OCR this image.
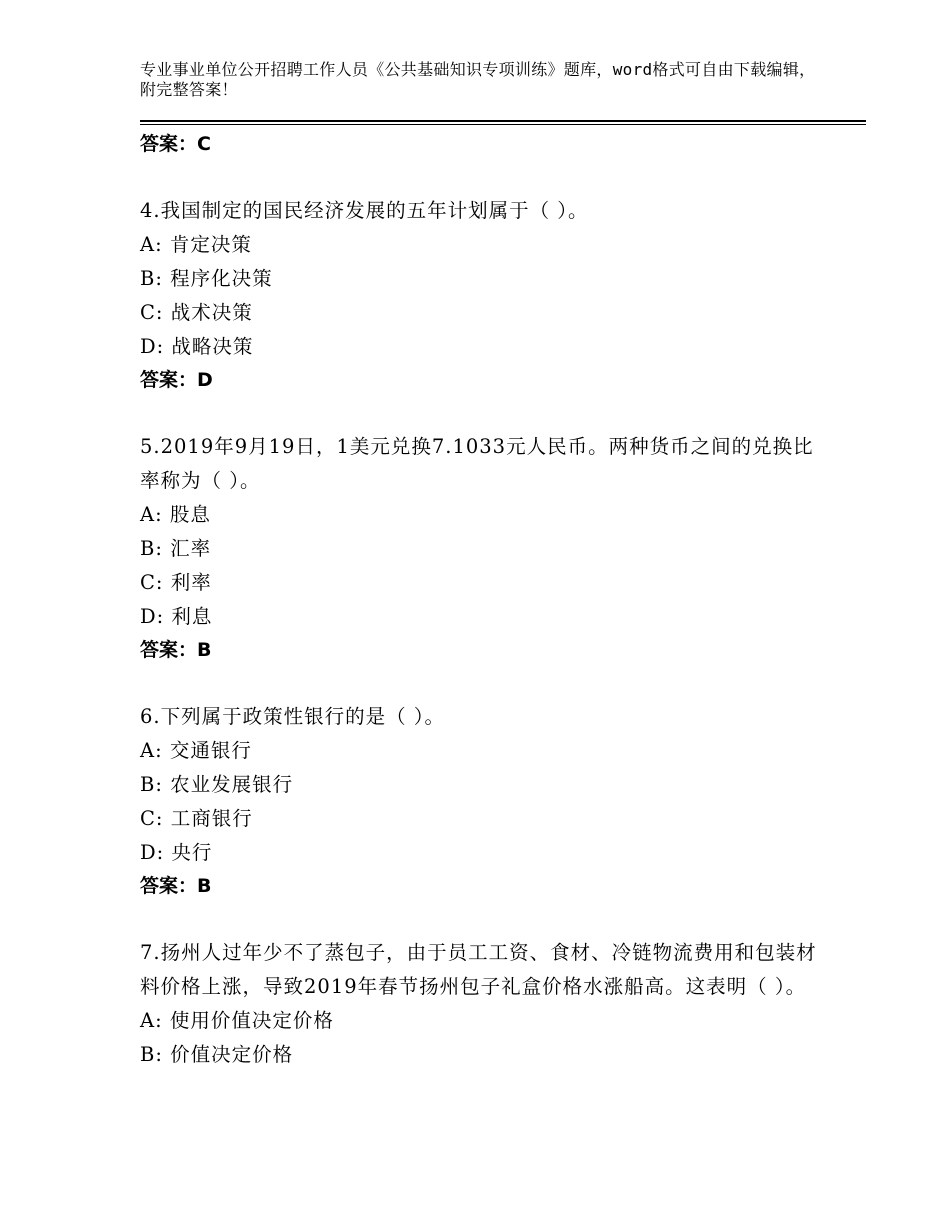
专业事业单位公开招聘工作人员《公共基础知识专项训练》题库，word格式可自由下载编辑，附完整答案！

答案：C

4.我国制定的国民经济发展的五年计划属于（ ）。
A: 肯定决策
B: 程序化决策
C: 战术决策
D: 战略决策

答案：D

5.2019年9月19日，1美元兑换7.1033元人民币。两种货币之间的兑换比率称为（ ）。
A: 股息
B: 汇率
C: 利率
D: 利息

答案：B

6.下列属于政策性银行的是（ ）。
A: 交通银行
B: 农业发展银行
C: 工商银行
D: 央行

答案：B

7.扬州人过年少不了蒸包子，由于员工工资、食材、冷链物流费用和包装材料价格上涨，导致2019年春节扬州包子礼盒价格水涨船高。这表明（ ）。
A: 使用价值决定价格
B: 价值决定价格
